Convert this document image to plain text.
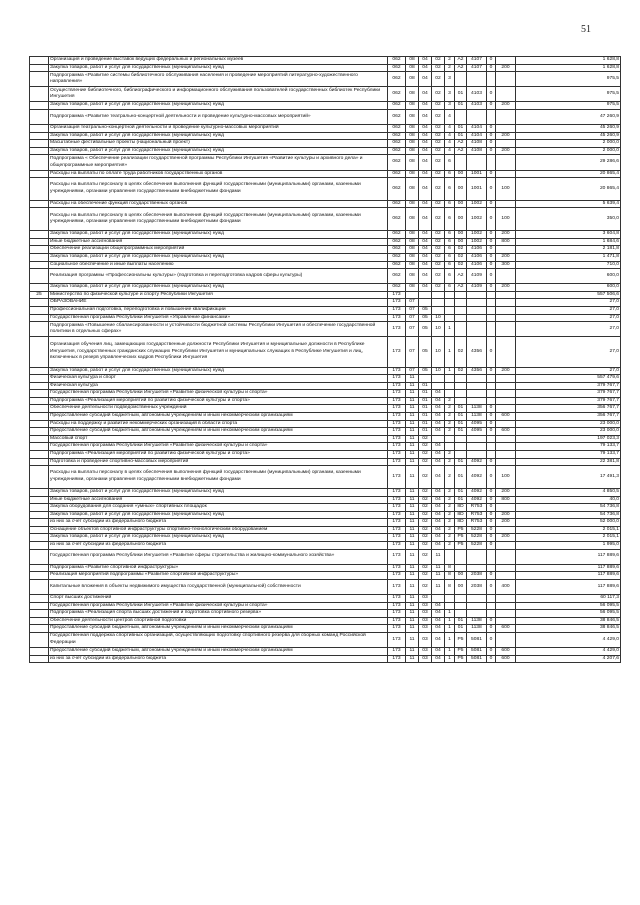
51
	Организация и проведение выставок ведущих федеральных и региональных музеев	062	08	04	02	2	A2	4107	0		1 628,8
	Закупка товаров, работ и услуг для государственных (муниципальных) нужд	062	08	04	02	2	A2	4107	0	200	1 628,8
	Подпрограмма «Развитие системы библиотечного обслуживания населения и проведение мероприятий литературно-художественного направления»	062	08	04	02	3					975,5
	Осуществление библиотечного, библиографического и информационного обслуживания пользователей государственных библиотек Республики Ингушетия	062	08	04	02	3	01	4103	0		975,5
	Закупка товаров, работ и услуг для государственных (муниципальных) нужд	062	08	04	02	3	01	4103	0	200	975,5
	Подпрограмма «Развитие театрально-концертной деятельности и проведение культурно-массовых мероприятий»	062	08	04	02	4					47 260,9
	Организация театрально-концертной деятельности и проведение культурно-массовых мероприятий	062	08	04	02	4	01	4104	0		45 260,9
	Закупка товаров, работ и услуг для государственных (муниципальных) нужд	062	08	04	02	4	01	4104	0	200	45 260,9
	Масштабные фестивальные проекты (национальный проект)	062	08	04	02	4	A2	4108	0		2 000,0
	Закупка товаров, работ и услуг для государственных (муниципальных) нужд	062	08	04	02	4	A2	4108	0	200	2 000,0
	Подпрограмма « Обеспечение реализации государственной программы Республики Ингушетия «Развитие культуры и архивного дела» и общепрограммные мероприятия»	062	08	04	02	6					29 286,6
	Расходы на выплаты по оплате труда работников государственных органов	062	08	04	02	6	00	1001	0		20 865,4
	Расходы на выплаты персоналу в целях обеспечения выполнения функций государственными (муниципальными) органами, казенными учреждениями, органами управления государственными внебюджетными фондами	062	08	04	02	6	00	1001	0	100	20 865,4
	Расходы на обеспечение функций государственных органов	062	08	04	02	6	00	1002	0		5 639,4
	Расходы на выплаты персоналу в целях обеспечения выполнения функций государственными (муниципальными) органами, казенными учреждениями, органами управления государственными внебюджетными фондами	062	08	04	02	6	00	1002	0	100	350,0
	Закупка товаров, работ и услуг для государственных (муниципальных) нужд	062	08	04	02	6	00	1002	0	200	3 604,8
	Иные бюджетные ассигнования	062	08	04	02	6	00	1002	0	800	1 684,6
	Обеспечение реализации общепрограммных мероприятий	062	08	04	02	6	02	4106	0		2 181,8
	Закупка товаров, работ и услуг для государственных (муниципальных) нужд	062	08	04	02	6	02	4106	0	200	1 471,8
	Социальное обеспечение и иные выплаты населению	062	08	04	02	6	02	4106	0	300	710,0
	Реализация программы «Профессиональны культуры» (подготовка и переподготовка кадров сферы культуры)	062	08	04	02	6	A2	4109	0		600,0
	Закупка товаров, работ и услуг для государственных (муниципальных) нужд	062	08	04	02	6	A2	4109	0	200	600,0
25	Министерство по физической культуре и спорту Республики Ингушетия	173									557 506,6
	ОБРАЗОВАНИЕ	173	07								27,0
	Профессиональная подготовка, переподготовка и повышение квалификации	173	07	05							27,0
	Государственная программа Республики Ингушетия «Управление финансами»	173	07	05	10						27,0
	Подпрограмма «Повышение сбалансированности и устойчивости бюджетной системы Республики Ингушетия и обеспечение государственной политики в отдельных сферах»	173	07	05	10	1					27,0
	Организация обучения лиц, замещающих государственные должности Республики Ингушетия и муниципальные должности в Республике Ингушетия, государственных гражданских служащих Республики Ингушетия и муниципальных служащих в Республике Ингушетия и лиц, включенных в резерв управленческих кадров Республики Ингушетия	173	07	05	10	1	02	4356	0		27,0
	Закупка товаров, работ и услуг для государственных (муниципальных) нужд	173	07	05	10	1	02	4356	0	200	27,0
	Физическая культура и спорт	173	11								557 479,6
	Физическая культура	173	11	01							379 767,7
	Государственная программа Республики Ингушетия «Развитие физической культуры и спорта»	173	11	01	04						379 767,7
	Подпрограмма «Реализация мероприятий по развитию физической культуры и спорта»	173	11	01	04	2					379 767,7
	Обеспечение деятельности подведомственных учреждений	173	11	01	04	2	01	1138	0		356 767,7
	Предоставление субсидий бюджетным, автономным учреждениям и иным некоммерческим организациям	173	11	01	04	2	01	1138	0	600	356 767,7
	Расходы на поддержку и развитие некоммерческих организаций в области спорта	173	11	01	04	2	01	4095	0		23 000,0
	Предоставление субсидий бюджетным, автономным учреждениям и иным некоммерческим организациям	173	11	01	04	2	01	4095	0	600	23 000,0
	Массовый спорт	173	11	02							197 023,3
	Государственная программа Республики Ингушетия «Развитие физической культуры и спорта»	173	11	02	04						79 133,7
	Подпрограмма «Реализация мероприятий по развитию физической культуры и спорта»	173	11	02	04	2					79 133,7
	Подготовка и проведение спортивно-массовых мероприятий	173	11	02	04	2	01	4092	0		22 381,8
	Расходы на выплаты персоналу в целях обеспечения выполнения функций государственными (муниципальными) органами, казенными учреждениями, органами управления государственными внебюджетными фондами	173	11	02	04	2	01	4092	0	100	17 491,3
	Закупка товаров, работ и услуг для государственных (муниципальных) нужд	173	11	02	04	2	01	4092	0	200	4 850,5
	Иные бюджетные ассигнования	173	11	02	04	2	01	4092	0	800	40,0
	Закупка оборудования для создания «умных» спортивных площадок	173	11	02	04	2	8D	R753	0		54 736,8
	Закупка товаров, работ и услуг для государственных (муниципальных) нужд	173	11	02	04	2	8D	R753	0	200	54 736,8
	из них за счет субсидии из федерального бюджета	173	11	02	04	2	8D	R753	0	200	52 000,0
	Оснащение объектов спортивной инфраструктуры спортивно-технологическим оборудованием	173	11	02	04	2	P5	5228	0		2 015,1
	Закупка товаров, работ и услуг для государственных (муниципальных) нужд	173	11	02	04	2	P5	5228	0	200	2 015,1
	из них за счет субсидии из федерального бюджета	173	11	02	04	2	P5	5228	0		1 995,0
	Государственная программа Республики Ингушетия «Развитие сферы строительства и жилищно-коммунального хозяйства»	173	11	02	11						117 889,6
	Подпрограмма «Развитие спортивной инфраструктуры»	173	11	02	11	8					117 889,6
	Реализация мероприятий подпрограммы «Развитие спортивной инфраструктуры»	173	11	02	11	8	00	2038	0		117 889,6
	Капитальные вложения в объекты недвижимого имущества государственной (муниципальной) собственности	173	11	02	11	8	00	2038	0	400	117 889,6
	Спорт высших достижений	173	11	03							60 117,3
	Государственная программа Республики Ингушетия «Развитие физической культуры и спорта»	173	11	03	04						56 095,5
	Подпрограмма «Реализация спорта высших достижений и подготовка спортивного резерва»	173	11	03	04	1					56 095,5
	Обеспечение деятельности центров спортивной подготовки	173	11	03	04	1	01	1138	0		38 846,5
	Предоставление субсидий бюджетным, автономным учреждениям и иным некоммерческим организациям	173	11	03	04	1	01	1138	0	600	38 846,5
	Государственная поддержка спортивных организаций, осуществляющих подготовку спортивного резерва для сборных команд Российской Федерации	173	11	03	04	1	P5	5081	0		4 429,0
	Предоставление субсидий бюджетным, автономным учреждениям и иным некоммерческим организациям	173	11	03	04	1	P5	5081	0	600	4 429,0
	из них за счет субсидии из федерального бюджета	173	11	03	04	1	P5	5081	0	600	4 207,6
